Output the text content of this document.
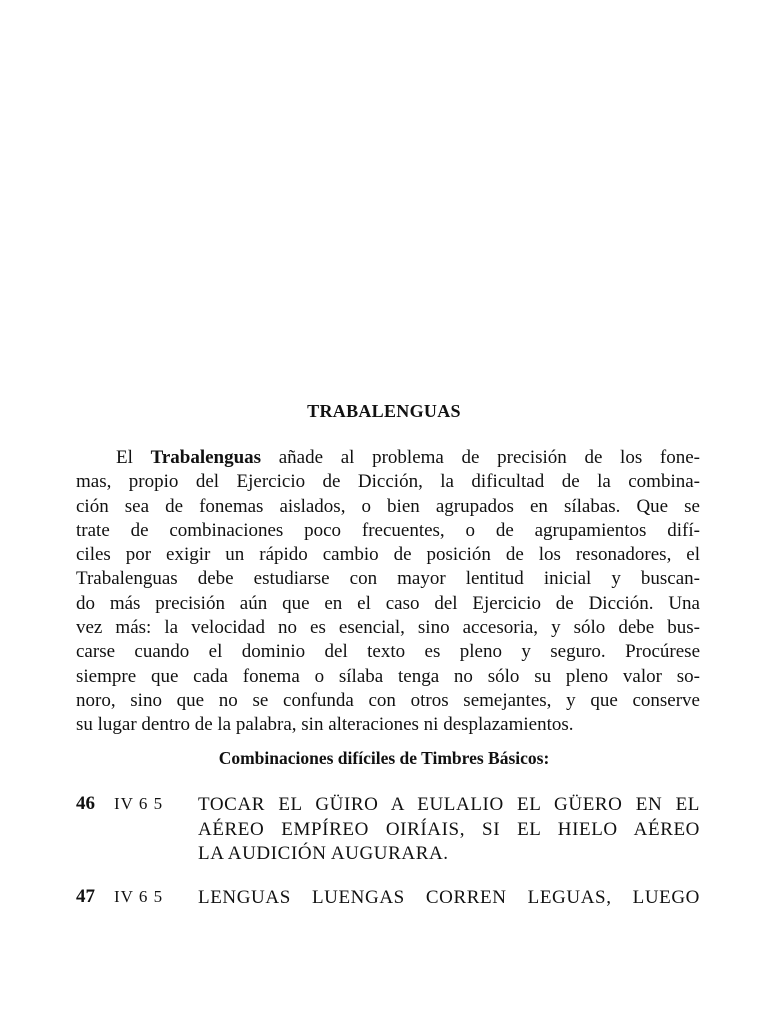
TRABALENGUAS

El Trabalenguas añade al problema de precisión de los fone-
mas, propio del Ejercicio de Dicción, la dificultad de la combina-
ción sea de fonemas aislados, o bien agrupados en sílabas. Que se
trate de combinaciones poco frecuentes, o de agrupamientos difí-
ciles por exigir un rápido cambio de posición de los resonadores, el
Trabalenguas debe estudiarse con mayor lentitud inicial y buscan-
do más precisión aún que en el caso del Ejercicio de Dicción. Una
vez más: la velocidad no es esencial, sino accesoria, y sólo debe bus-
carse cuando el dominio del texto es pleno y seguro. Procúrese
siempre que cada fonema o sílaba tenga no sólo su pleno valor so-
noro, sino que no se confunda con otros semejantes, y que conserve
su lugar dentro de la palabra, sin alteraciones ni desplazamientos.

Combinaciones difíciles de Timbres Básicos:
46 IV 6 5 TOCAR EL GÜIRO A EULALIO EL GÜERO EN EL
AÉREO EMPÍREO OIRÍAIS, SI EL HIELO AÉREO
LA AUDICIÓN AUGURARA.
47 IV 6 5 LENGUAS LUENGAS CORREN LEGUAS, LUEGO
